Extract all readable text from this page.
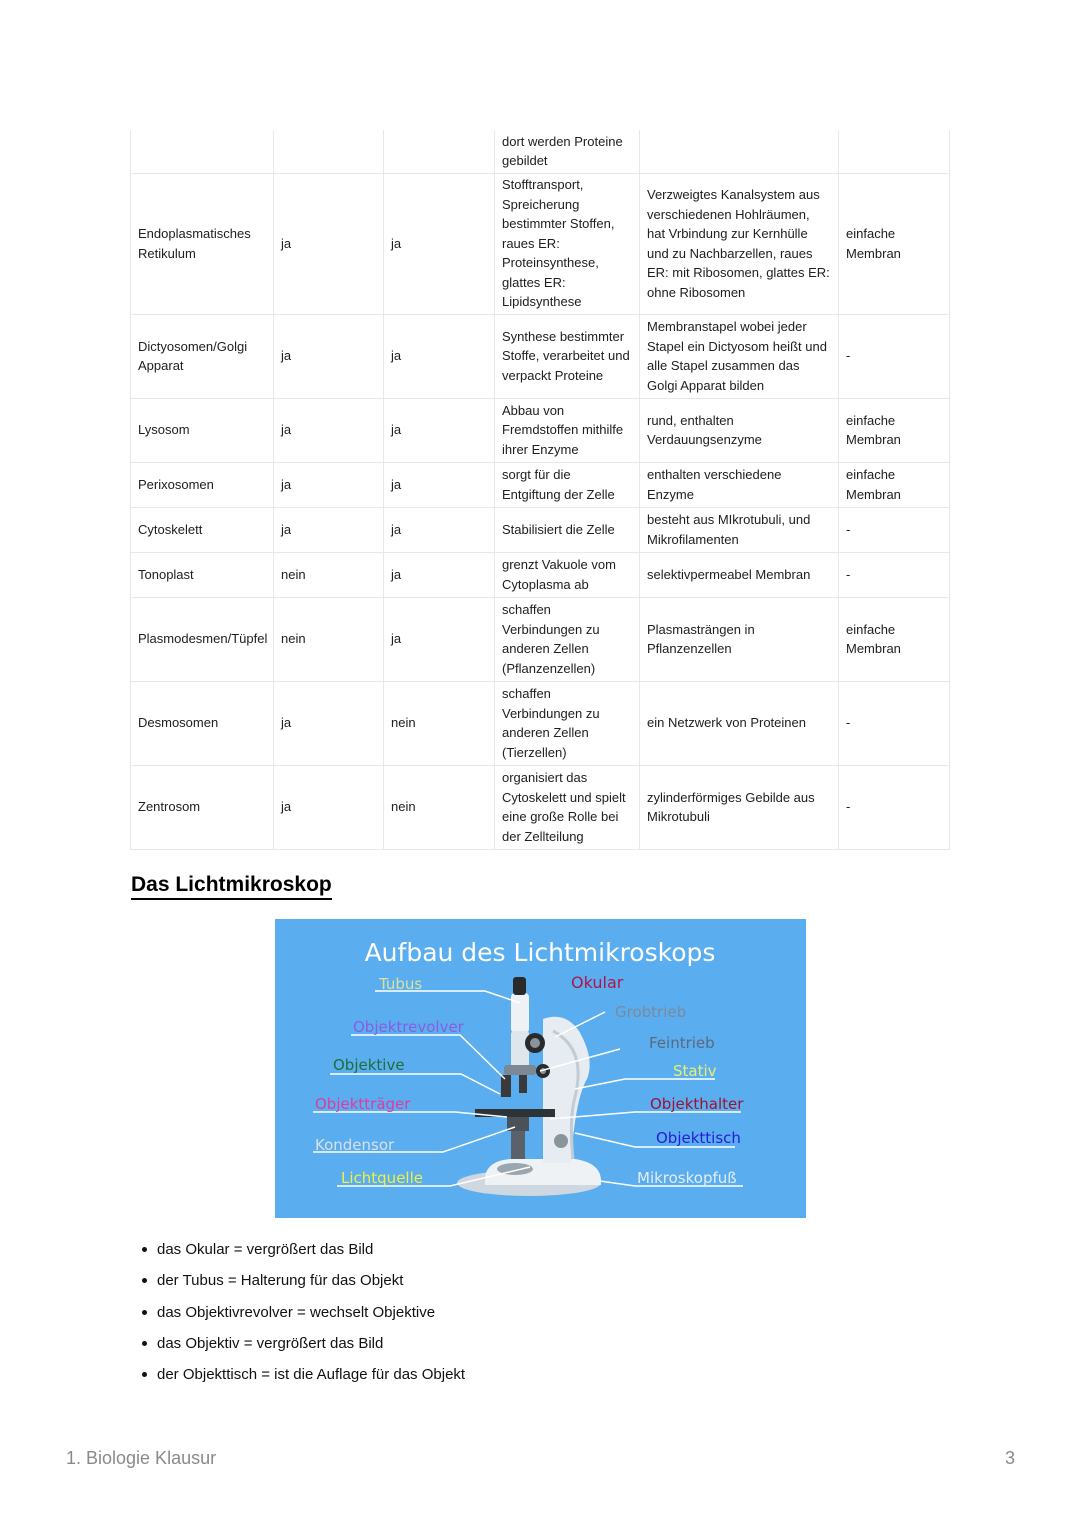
			dort werden Proteine gebildet		
Endoplasmatisches Retikulum	ja	ja	Stofftransport, Spreicherung bestimmter Stoffen, raues ER: Proteinsynthese, glattes ER: Lipidsynthese	Verzweigtes Kanalsystem aus verschiedenen Hohlräumen, hat Vrbindung zur Kernhülle und zu Nachbarzellen, raues ER: mit Ribosomen, glattes ER: ohne Ribosomen	einfache Membran
Dictyosomen/Golgi Apparat	ja	ja	Synthese bestimmter Stoffe, verarbeitet und verpackt Proteine	Membranstapel wobei jeder Stapel ein Dictyosom heißt und alle Stapel zusammen das Golgi Apparat bilden	-
Lysosom	ja	ja	Abbau von Fremdstoffen mithilfe ihrer Enzyme	rund, enthalten Verdauungsenzyme	einfache Membran
Perixosomen	ja	ja	sorgt für die Entgiftung der Zelle	enthalten verschiedene Enzyme	einfache Membran
Cytoskelett	ja	ja	Stabilisiert die Zelle	besteht aus MIkrotubuli, und Mikrofilamenten	-
Tonoplast	nein	ja	grenzt Vakuole vom Cytoplasma ab	selektivpermeabel Membran	-
Plasmodesmen/Tüpfel	nein	ja	schaffen Verbindungen zu anderen Zellen (Pflanzenzellen)	Plasmasträngen in Pflanzenzellen	einfache Membran
Desmosomen	ja	nein	schaffen Verbindungen zu anderen Zellen (Tierzellen)	ein Netzwerk von Proteinen	-
Zentrosom	ja	nein	organisiert das Cytoskelett und spielt eine große Rolle bei der Zellteilung	zylinderförmiges Gebilde aus Mikrotubuli	-
Das Lichtmikroskop
Aufbau des Lichtmikroskops
Tubus	Okular
Grobtrieb
Objektrevolver
Feintrieb
Objektive	Stativ
Objektträger	Objekthalter
Kondensor	Objekttisch
Lichtquelle	Mikroskopfuß
das Okular = vergrößert das Bild
der Tubus = Halterung für das Objekt
das Objektivrevolver = wechselt Objektive
das Objektiv = vergrößert das Bild
der Objekttisch = ist die Auflage für das Objekt
1. Biologie Klausur	3
